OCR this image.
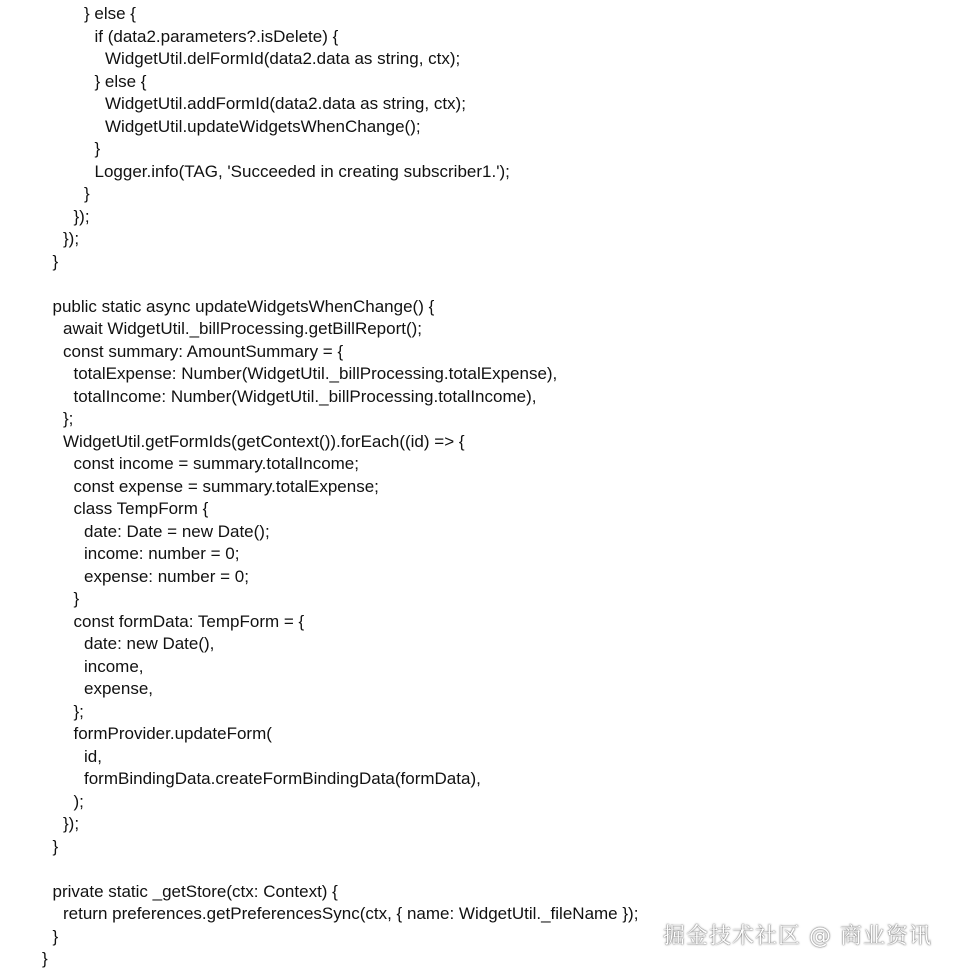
} else {
if (data2.parameters?.isDelete) {
WidgetUtil.delFormId(data2.data as string, ctx);
} else {
WidgetUtil.addFormId(data2.data as string, ctx);
WidgetUtil.updateWidgetsWhenChange();
}
Logger.info(TAG, 'Succeeded in creating subscriber1.');
}
});
});
}
public static async updateWidgetsWhenChange() {
await WidgetUtil._billProcessing.getBillReport();
const summary: AmountSummary = {
totalExpense: Number(WidgetUtil._billProcessing.totalExpense),
totalIncome: Number(WidgetUtil._billProcessing.totalIncome),
};
WidgetUtil.getFormIds(getContext()).forEach((id) => {
const income = summary.totalIncome;
const expense = summary.totalExpense;
class TempForm {
date: Date = new Date();
income: number = 0;
expense: number = 0;
}
const formData: TempForm = {
date: new Date(),
income,
expense,
};
formProvider.updateForm(
id,
formBindingData.createFormBindingData(formData),
);
});
}
private static _getStore(ctx: Context) {
return preferences.getPreferencesSync(ctx, { name: WidgetUtil._fileName });
}
}
掘金技术社区 @ 商业资讯
